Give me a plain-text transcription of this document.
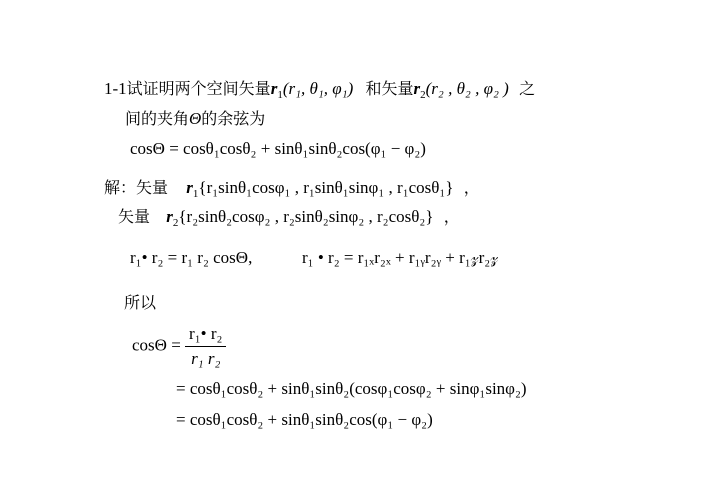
1-1试证明两个空间矢量$r_1(r_1$, θ₁, φ₁) 和矢量$r_2(r_2$ , θ₂ , φ₂ ) 之
间的夹角Θ的余弦为
cosΘ = cosθ₁cosθ₂ + sinθ₁sinθ₂cos(φ₁ − φ₂)
解：矢量 $r_1\{r_1\sin\theta_1\cos\varphi_1$ , r₁sinθ₁sinφ₁ , r₁cosθ₁} ，
矢量 $r_2\{r_2\sin\theta_2\cos\varphi_2$ , r₂sinθ₂sinφ₂ , r₂cosθ₂} ，
r₁• r₂ = r₁ r₂ cosΘ,	r₁ • r₂ = r₁ₓr₂ₓ + r₁ᵧr₂ᵧ + r₁𝓏r₂𝓏
所以
$\cos\Theta = \frac{\text{r₁• r₂}}{\text{r₁ r₂}}$
= cosθ₁cosθ₂ + sinθ₁sinθ₂(cosφ₁cosφ₂ + sinφ₁sinφ₂)
= cosθ₁cosθ₂ + sinθ₁sinθ₂cos(φ₁ − φ₂)
